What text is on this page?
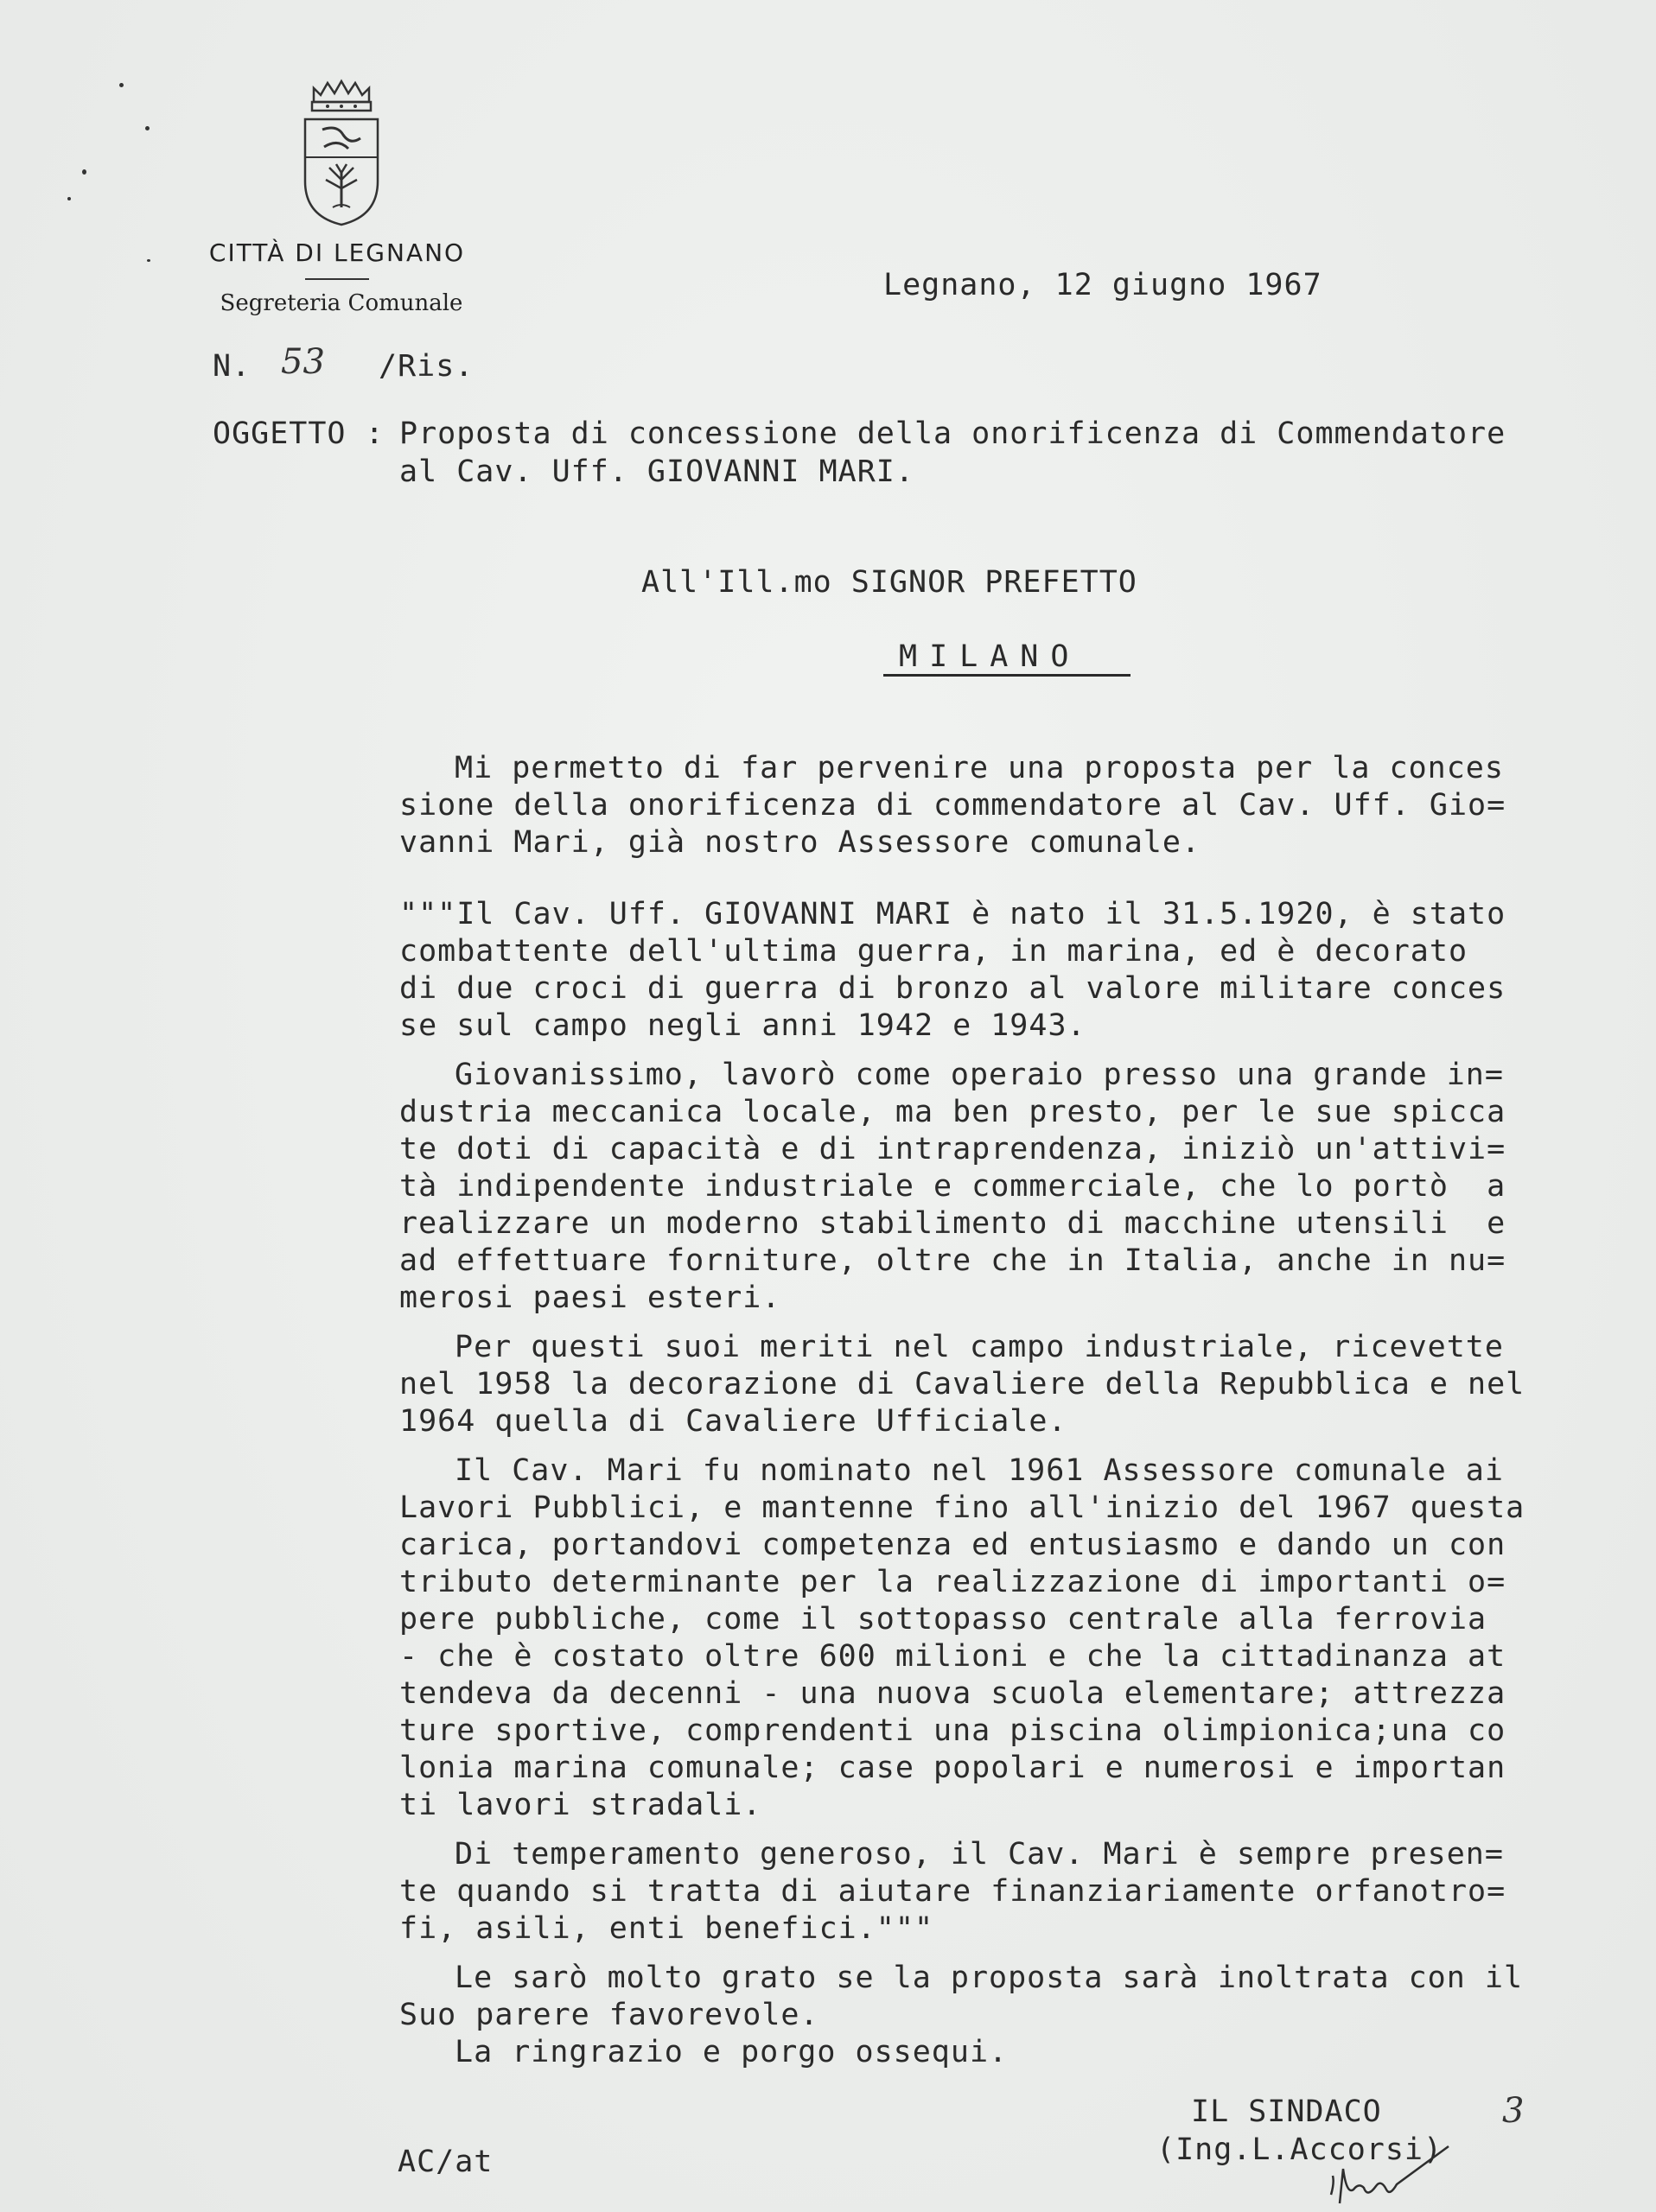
CITTÀ DI LEGNANO
Segreteria Comunale
Legnano, 12 giugno 1967
N. 53 /Ris.
OGGETTO : Proposta di concessione della onorificenza di Commendatore
al Cav. Uff. GIOVANNI MARI.
All'Ill.mo SIGNOR PREFETTO
MILANO
Mi permetto di far pervenire una proposta per la conces
sione della onorificenza di commendatore al Cav. Uff. Gio=
vanni Mari, già nostro Assessore comunale.
"""Il Cav. Uff. GIOVANNI MARI è nato il 31.5.1920, è stato
combattente dell'ultima guerra, in marina, ed è decorato
di due croci di guerra di bronzo al valore militare conces
se sul campo negli anni 1942 e 1943.
Giovanissimo, lavorò come operaio presso una grande in=
dustria meccanica locale, ma ben presto, per le sue spicca
te doti di capacità e di intraprendenza, iniziò un'attivi=
tà indipendente industriale e commerciale, che lo portò  a
realizzare un moderno stabilimento di macchine utensili  e
ad effettuare forniture, oltre che in Italia, anche in nu=
merosi paesi esteri.
Per questi suoi meriti nel campo industriale, ricevette
nel 1958 la decorazione di Cavaliere della Repubblica e nel
1964 quella di Cavaliere Ufficiale.
Il Cav. Mari fu nominato nel 1961 Assessore comunale ai
Lavori Pubblici, e mantenne fino all'inizio del 1967 questa
carica, portandovi competenza ed entusiasmo e dando un con
tributo determinante per la realizzazione di importanti o=
pere pubbliche, come il sottopasso centrale alla ferrovia
- che è costato oltre 600 milioni e che la cittadinanza at
tendeva da decenni - una nuova scuola elementare; attrezza
ture sportive, comprendenti una piscina olimpionica;una co
lonia marina comunale; case popolari e numerosi e importan
ti lavori stradali.
Di temperamento generoso, il Cav. Mari è sempre presen=
te quando si tratta di aiutare finanziariamente orfanotro=
fi, asili, enti benefici."""
Le sarò molto grato se la proposta sarà inoltrata con il
Suo parere favorevole.
La ringrazio e porgo ossequi.
3
IL SINDACO
(Ing.L.Accorsi)
AC/at
